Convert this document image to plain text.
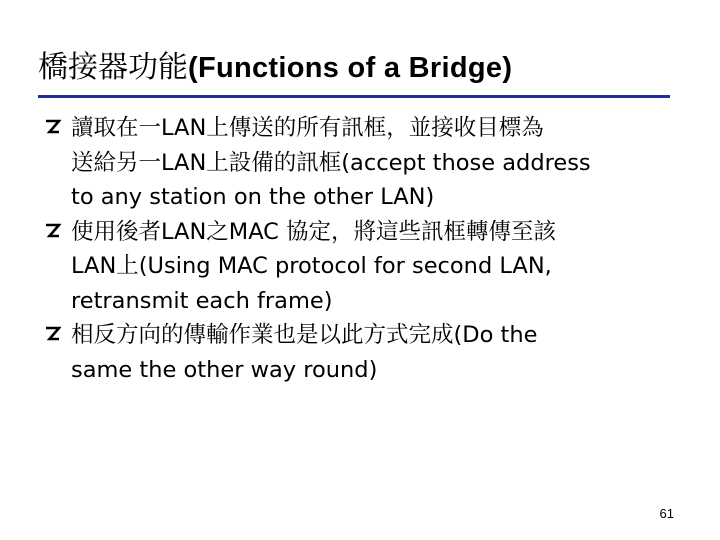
橋接器功能(Functions of a Bridge)
讀取在一LAN上傳送的所有訊框，並接收目標為
送給另一LAN上設備的訊框(accept those address
to any station on the other LAN)
使用後者LAN之MAC 協定，將這些訊框轉傳至該
LAN上(Using MAC protocol for second LAN,
retransmit each frame)
相反方向的傳輸作業也是以此方式完成(Do the
same the other way round)
61
